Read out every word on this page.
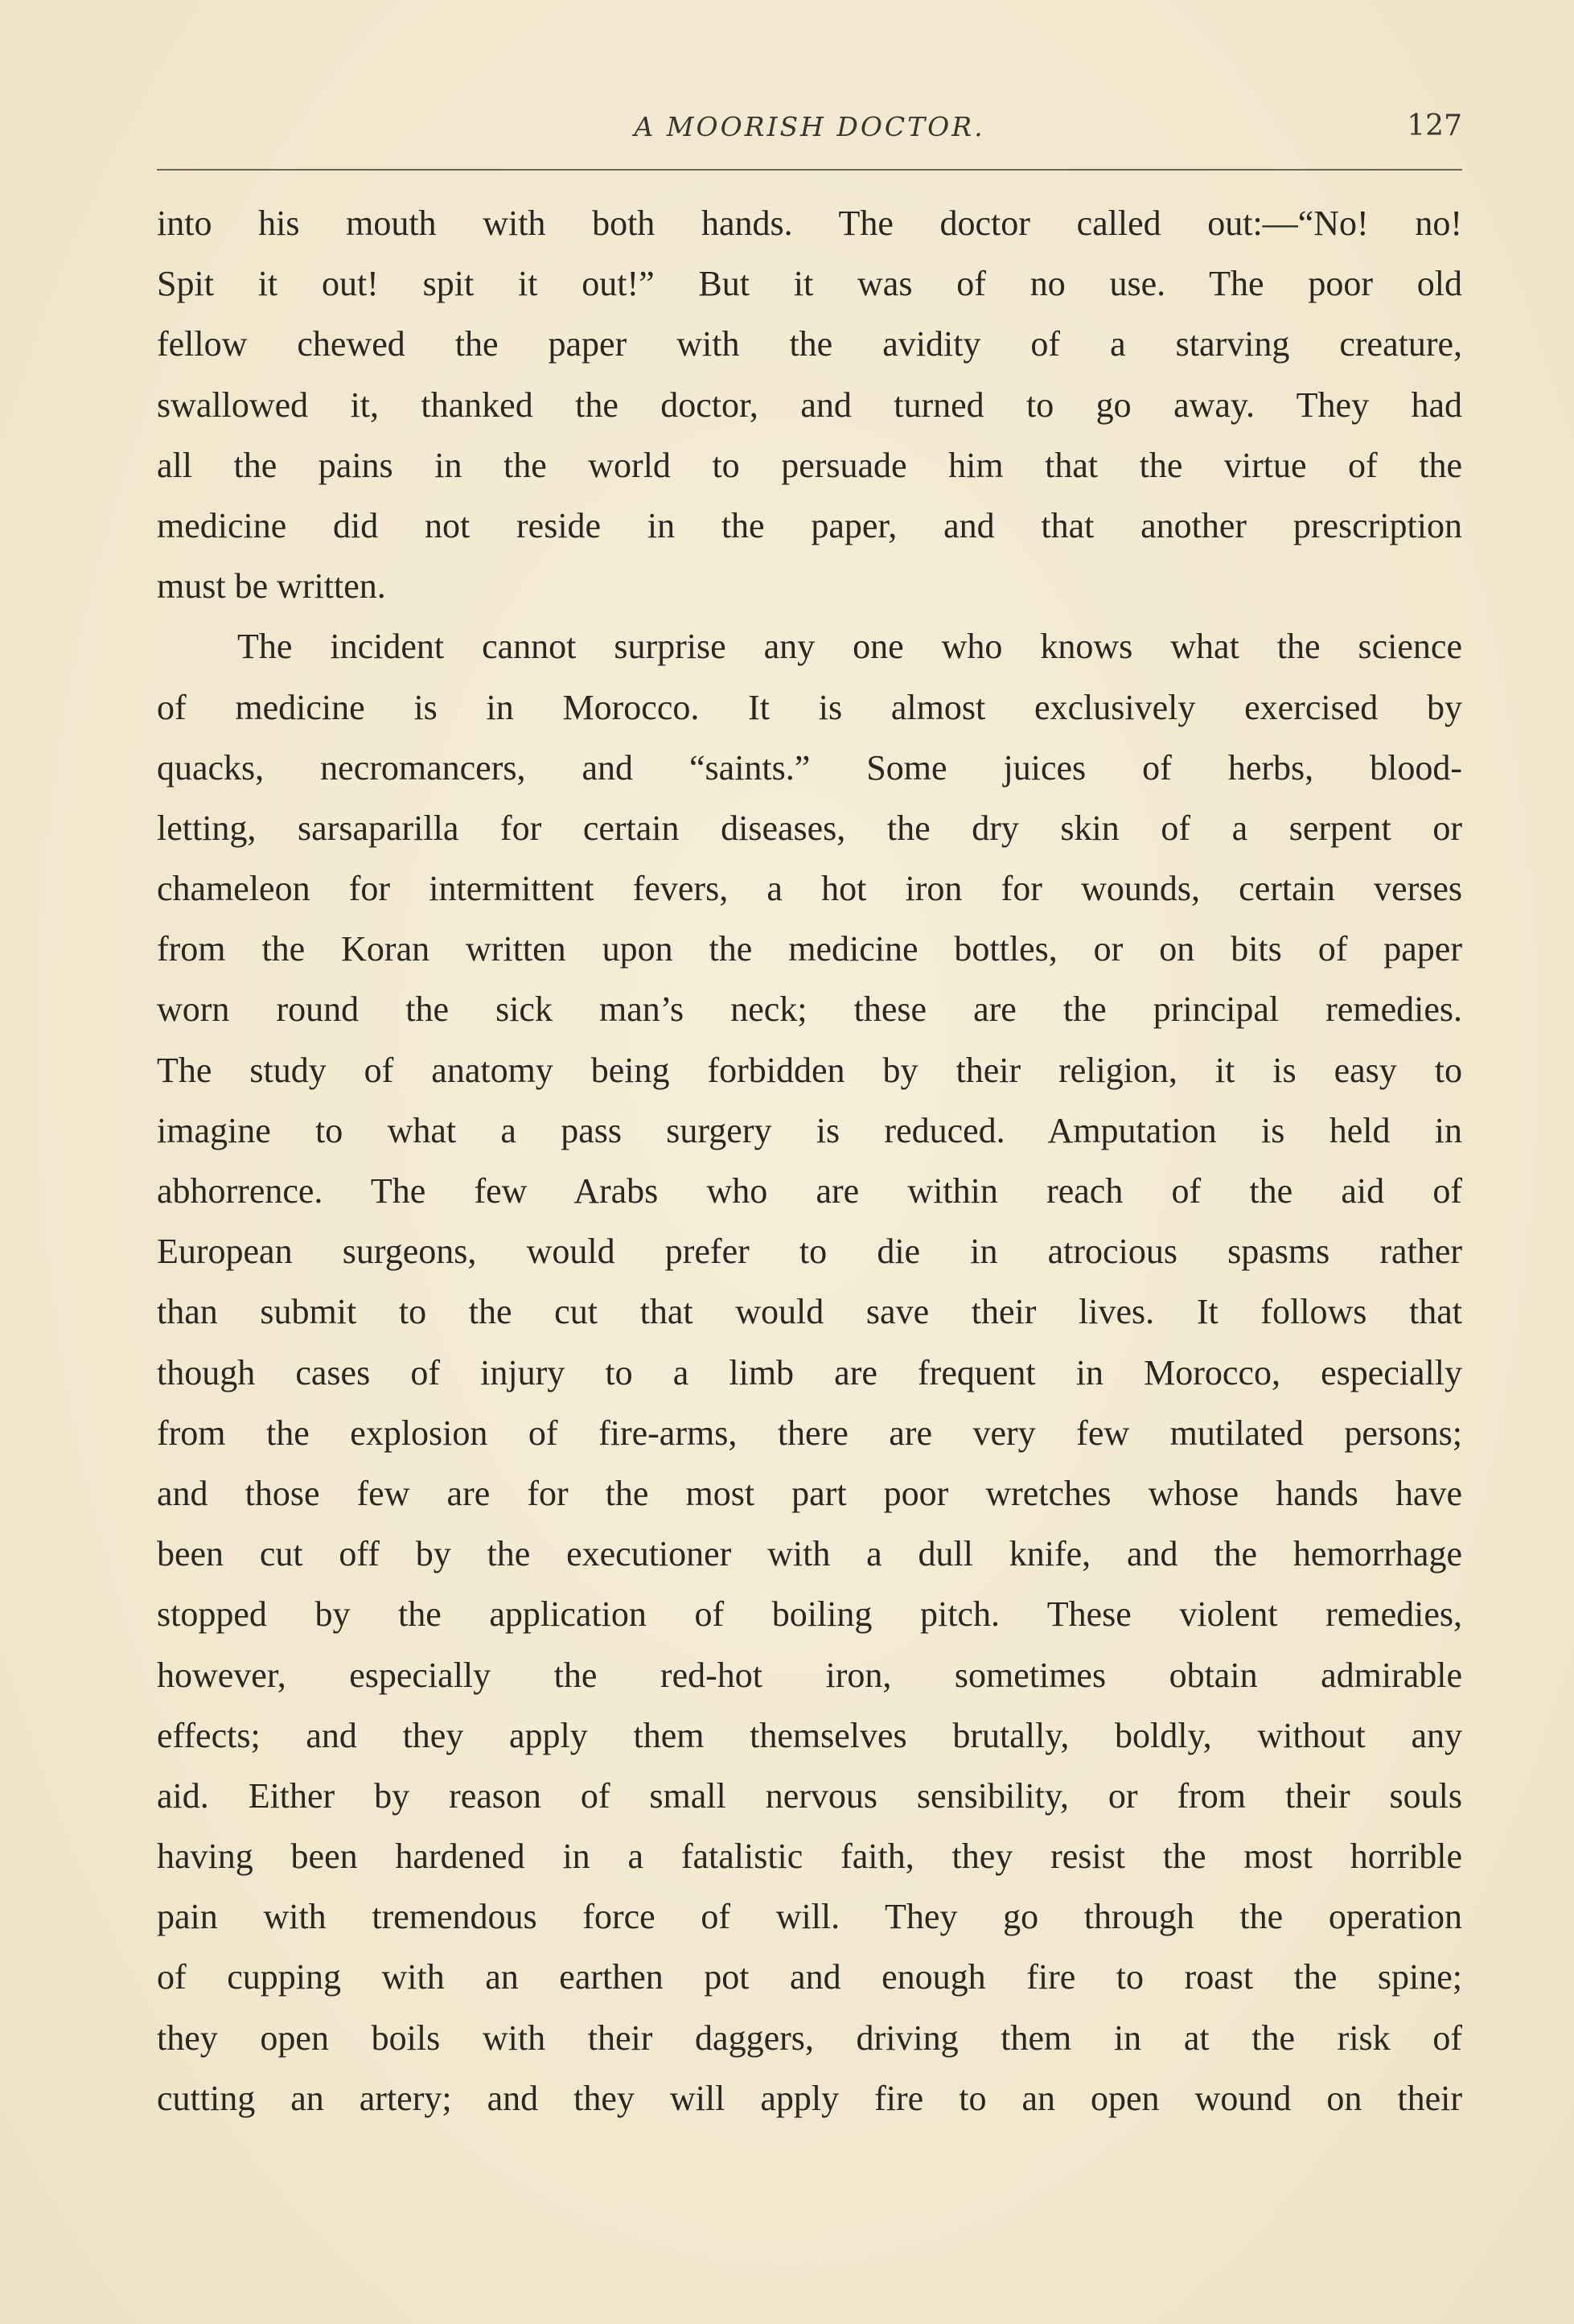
A MOORISH DOCTOR.	127
into his mouth with both hands. The doctor called out:—“No! no!
Spit it out! spit it out!” But it was of no use. The poor old
fellow chewed the paper with the avidity of a starving creature,
swallowed it, thanked the doctor, and turned to go away. They had
all the pains in the world to persuade him that the virtue of the
medicine did not reside in the paper, and that another prescription
must be written.
The incident cannot surprise any one who knows what the science
of medicine is in Morocco. It is almost exclusively exercised by
quacks, necromancers, and “saints.” Some juices of herbs, blood-
letting, sarsaparilla for certain diseases, the dry skin of a serpent or
chameleon for intermittent fevers, a hot iron for wounds, certain verses
from the Koran written upon the medicine bottles, or on bits of paper
worn round the sick man’s neck; these are the principal remedies.
The study of anatomy being forbidden by their religion, it is easy to
imagine to what a pass surgery is reduced. Amputation is held in
abhorrence. The few Arabs who are within reach of the aid of
European surgeons, would prefer to die in atrocious spasms rather
than submit to the cut that would save their lives. It follows that
though cases of injury to a limb are frequent in Morocco, especially
from the explosion of fire-arms, there are very few mutilated persons;
and those few are for the most part poor wretches whose hands have
been cut off by the executioner with a dull knife, and the hemorrhage
stopped by the application of boiling pitch. These violent remedies,
however, especially the red-hot iron, sometimes obtain admirable
effects; and they apply them themselves brutally, boldly, without any
aid. Either by reason of small nervous sensibility, or from their souls
having been hardened in a fatalistic faith, they resist the most horrible
pain with tremendous force of will. They go through the operation
of cupping with an earthen pot and enough fire to roast the spine;
they open boils with their daggers, driving them in at the risk of
cutting an artery; and they will apply fire to an open wound on their
